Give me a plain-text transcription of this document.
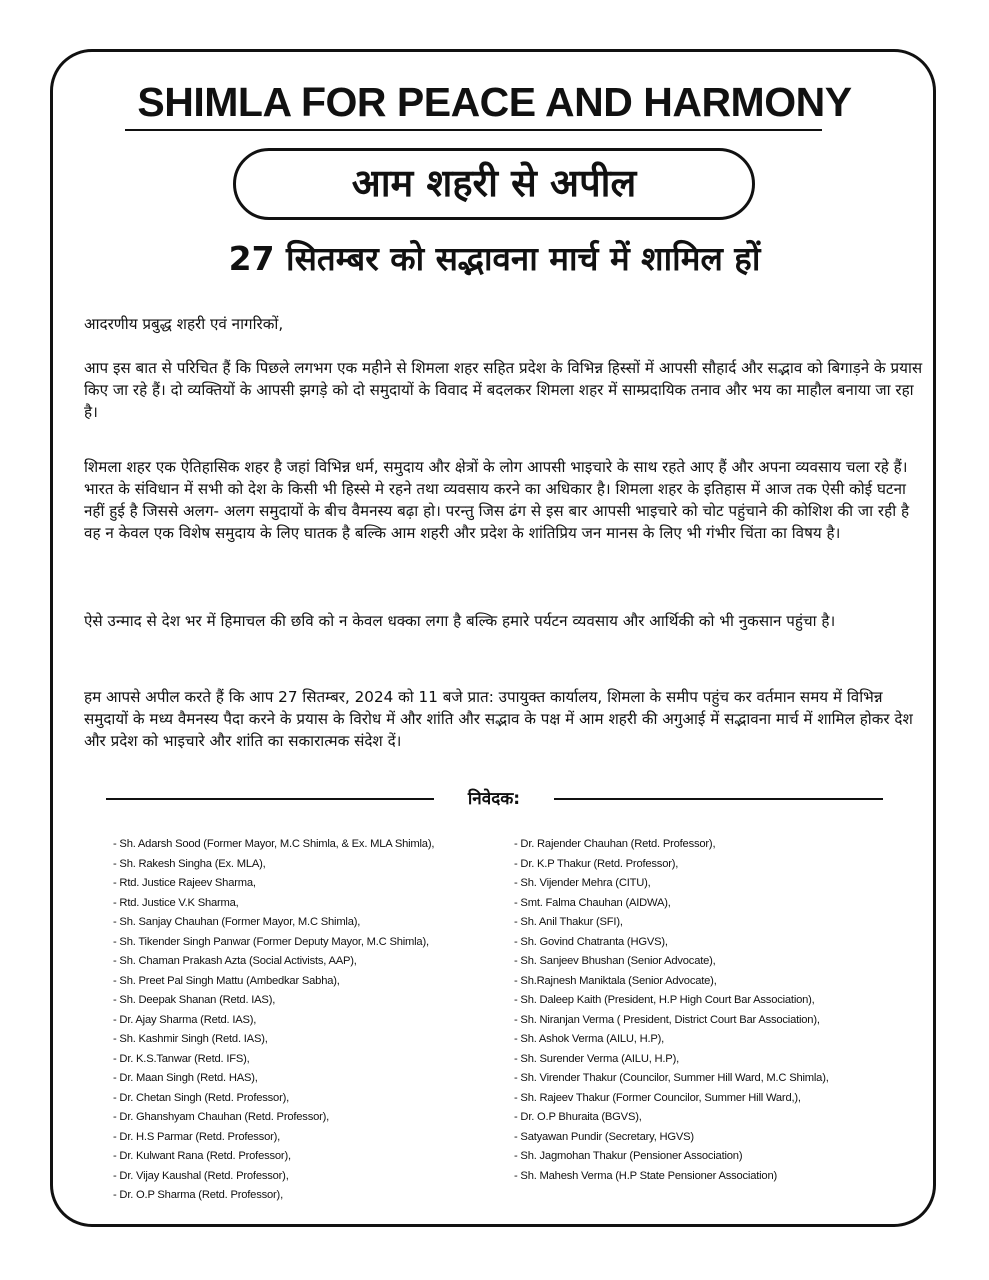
SHIMLA FOR PEACE AND HARMONY
आम शहरी से अपील
27 सितम्बर को सद्भावना मार्च में शामिल हों

आदरणीय प्रबुद्ध शहरी एवं नागरिकों,

आप इस बात से परिचित हैं कि पिछले लगभग एक महीने से शिमला शहर सहित प्रदेश के विभिन्न हिस्सों में आपसी सौहार्द और सद्भाव को बिगाड़ने के प्रयास किए जा रहे हैं। दो व्यक्तियों के आपसी झगड़े को दो समुदायों के विवाद में बदलकर शिमला शहर में साम्प्रदायिक तनाव और भय का माहौल बनाया जा रहा है।

शिमला शहर एक ऐतिहासिक शहर है जहां विभिन्न धर्म, समुदाय और क्षेत्रों के लोग आपसी भाइचारे के साथ रहते आए हैं और अपना व्यवसाय चला रहे हैं। भारत के संविधान में सभी को देश के किसी भी हिस्से मे रहने तथा व्यवसाय करने का अधिकार है। शिमला शहर के इतिहास में आज तक ऐसी कोई घटना नहीं हुई है जिससे अलग- अलग समुदायों के बीच वैमनस्य बढ़ा हो। परन्तु जिस ढंग से इस बार आपसी भाइचारे को चोट पहुंचाने की कोशिश की जा रही है वह न केवल एक विशेष समुदाय के लिए घातक है बल्कि आम शहरी और प्रदेश के शांतिप्रिय जन मानस के लिए भी गंभीर चिंता का विषय है।

ऐसे उन्माद से देश भर में हिमाचल की छवि को न केवल धक्का लगा है बल्कि हमारे पर्यटन व्यवसाय और आर्थिकी को भी नुकसान पहुंचा है।

हम आपसे अपील करते हैं कि आप 27 सितम्बर, 2024 को 11 बजे प्रात: उपायुक्त कार्यालय, शिमला के समीप पहुंच कर वर्तमान समय में विभिन्न समुदायों के मध्य वैमनस्य पैदा करने के प्रयास के विरोध में और शांति और सद्भाव के पक्ष में आम शहरी की अगुआई में सद्भावना मार्च में शामिल होकर देश और प्रदेश को भाइचारे और शांति का सकारात्मक संदेश दें।

निवेदक:
- Sh. Adarsh Sood (Former Mayor, M.C Shimla, & Ex. MLA Shimla),
- Sh. Rakesh Singha (Ex. MLA),
- Rtd. Justice Rajeev Sharma,
- Rtd. Justice V.K Sharma,
- Sh. Sanjay Chauhan (Former Mayor, M.C Shimla),
- Sh. Tikender Singh Panwar (Former Deputy Mayor, M.C Shimla),
- Sh. Chaman Prakash Azta (Social Activists, AAP),
- Sh. Preet Pal Singh Mattu (Ambedkar Sabha),
- Sh. Deepak Shanan (Retd. IAS),
- Dr. Ajay Sharma (Retd. IAS),
- Sh. Kashmir Singh (Retd. IAS),
- Dr. K.S.Tanwar (Retd. IFS),
- Dr. Maan Singh (Retd. HAS),
- Dr. Chetan Singh (Retd. Professor),
- Dr. Ghanshyam Chauhan (Retd. Professor),
- Dr. H.S Parmar (Retd. Professor),
- Dr. Kulwant Rana (Retd. Professor),
- Dr. Vijay Kaushal (Retd. Professor),
- Dr. O.P Sharma (Retd. Professor),
- Dr. Rajender Chauhan (Retd. Professor),
- Dr. K.P Thakur (Retd. Professor),
- Sh. Vijender Mehra (CITU),
- Smt. Falma Chauhan (AIDWA),
- Sh. Anil Thakur (SFI),
- Sh. Govind Chatranta (HGVS),
- Sh. Sanjeev Bhushan (Senior Advocate),
- Sh.Rajnesh Maniktala (Senior Advocate),
- Sh. Daleep Kaith (President, H.P High Court Bar Association),
- Sh. Niranjan Verma ( President, District Court Bar Association),
- Sh. Ashok Verma (AILU, H.P),
- Sh. Surender Verma (AILU, H.P),
- Sh. Virender Thakur (Councilor, Summer Hill Ward, M.C Shimla),
- Sh. Rajeev Thakur (Former Councilor, Summer Hill Ward,),
- Dr. O.P Bhuraita (BGVS),
- Satyawan Pundir (Secretary, HGVS)
- Sh. Jagmohan Thakur (Pensioner Association)
- Sh. Mahesh Verma (H.P State Pensioner Association)
